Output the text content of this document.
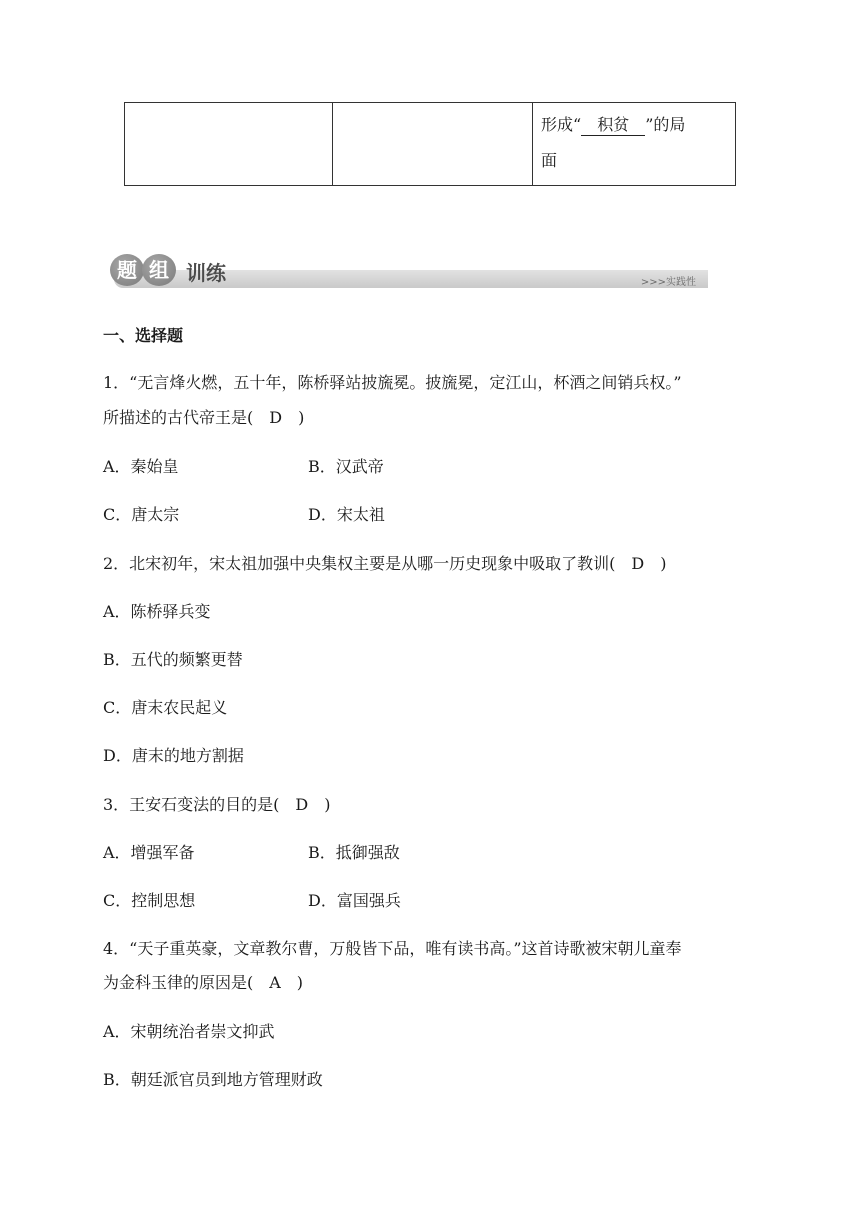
		形成“ 积贫 ”的局
面
题 组 训练	>>>实践性
一、选择题
1．“无言烽火燃，五十年，陈桥驿站披旒冕。披旒冕，定江山，杯酒之间销兵权。”
所描述的古代帝王是(　D　)
A．秦始皇	B．汉武帝
C．唐太宗	D．宋太祖
2．北宋初年，宋太祖加强中央集权主要是从哪一历史现象中吸取了教训(　D　)
A．陈桥驿兵变
B．五代的频繁更替
C．唐末农民起义
D．唐末的地方割据
3．王安石变法的目的是(　D　)
A．增强军备	B．抵御强敌
C．控制思想	D．富国强兵
4．“天子重英豪，文章教尔曹，万般皆下品，唯有读书高。”这首诗歌被宋朝儿童奉
为金科玉律的原因是(　A　)
A．宋朝统治者崇文抑武
B．朝廷派官员到地方管理财政
